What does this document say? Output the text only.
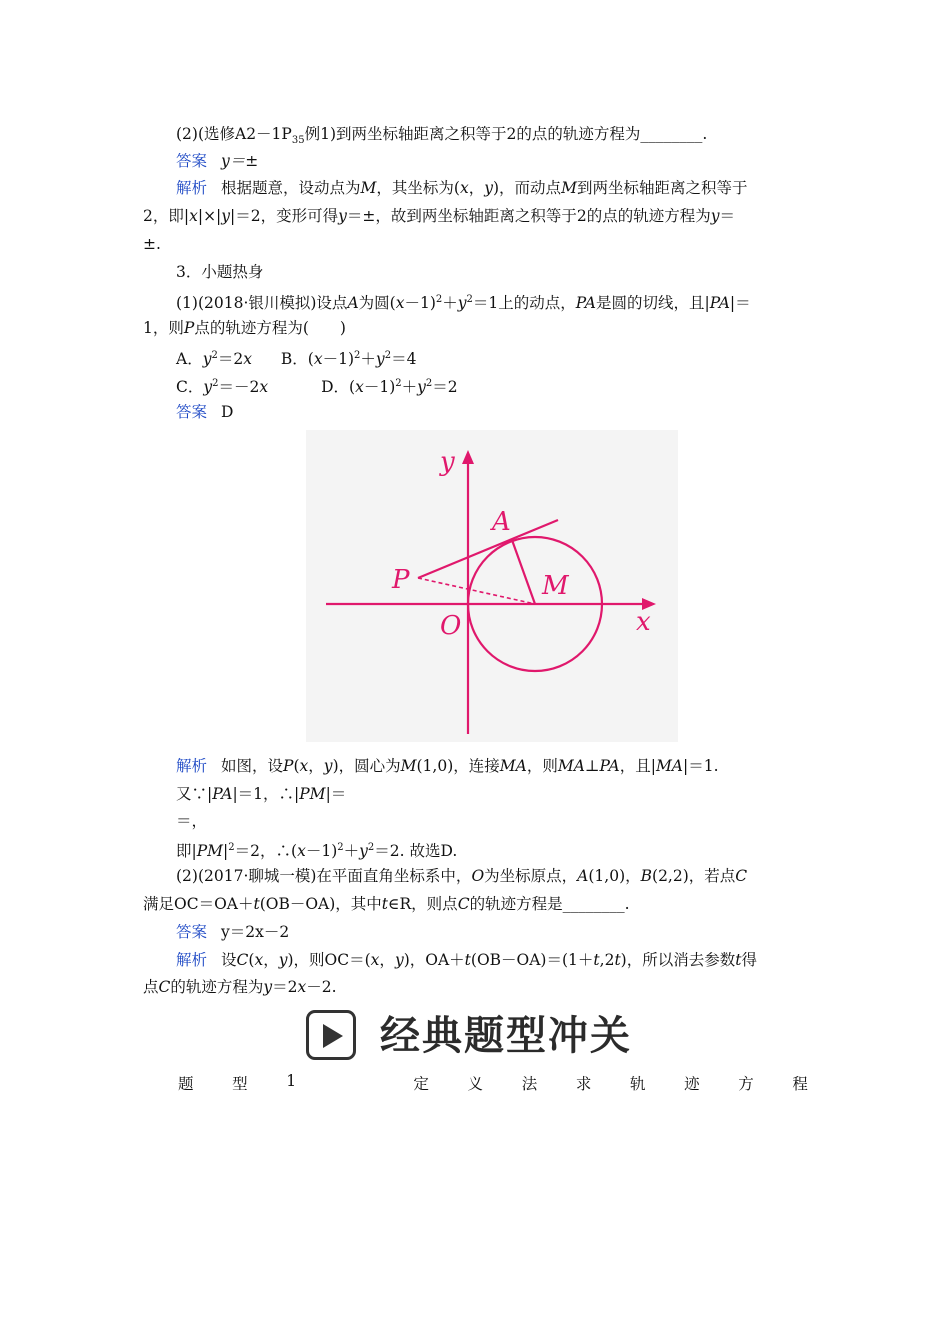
(2)(选修$A2-1P_{35}$例1)到两坐标轴距离之积等于2的点的轨迹方程为________.
答案 y＝±
解析 根据题意，设动点为M，其坐标为(x，y)，而动点M到两坐标轴距离之积等于
2，即|x|×|y|＝2，变形可得y＝±，故到两坐标轴距离之积等于2的点的轨迹方程为y＝
±.
3．小题热身
(1)(2018·银川模拟)设点A为圆$(x-1)^2+y^2=1$上的动点，PA是圆的切线，且|PA|＝
1，则P点的轨迹方程为(　　)
A．$y^2=2x$ B．$(x-1)^2+y^2=4$
C．$y^2=-2x$	D．$(x-1)^2+y^2=2$
答案 D
y
x
O
P
A
M
解析 如图，设P(x，y)，圆心为M(1,0)，连接MA，则MA⊥PA，且|MA|＝1.
又∵|PA|＝1，∴|PM|＝
＝，
即$|PM|^2=2$，$\therefore(x-1)^2+y^2=2$. 故选D.
(2)(2017·聊城一模)在平面直角坐标系中，O为坐标原点，A(1,0)，B(2,2)，若点C
满足OC＝OA＋t(OB－OA)，其中t∈R，则点C的轨迹方程是________.
答案 y＝2x－2
解析 设C(x，y)，则OC＝(x，y)，OA＋t(OB－OA)＝(1＋t,2t)，所以消去参数t得
点C的轨迹方程为y＝2x－2.
经典题型冲关
题 型 1	定 义 法 求 轨 迹 方 程
